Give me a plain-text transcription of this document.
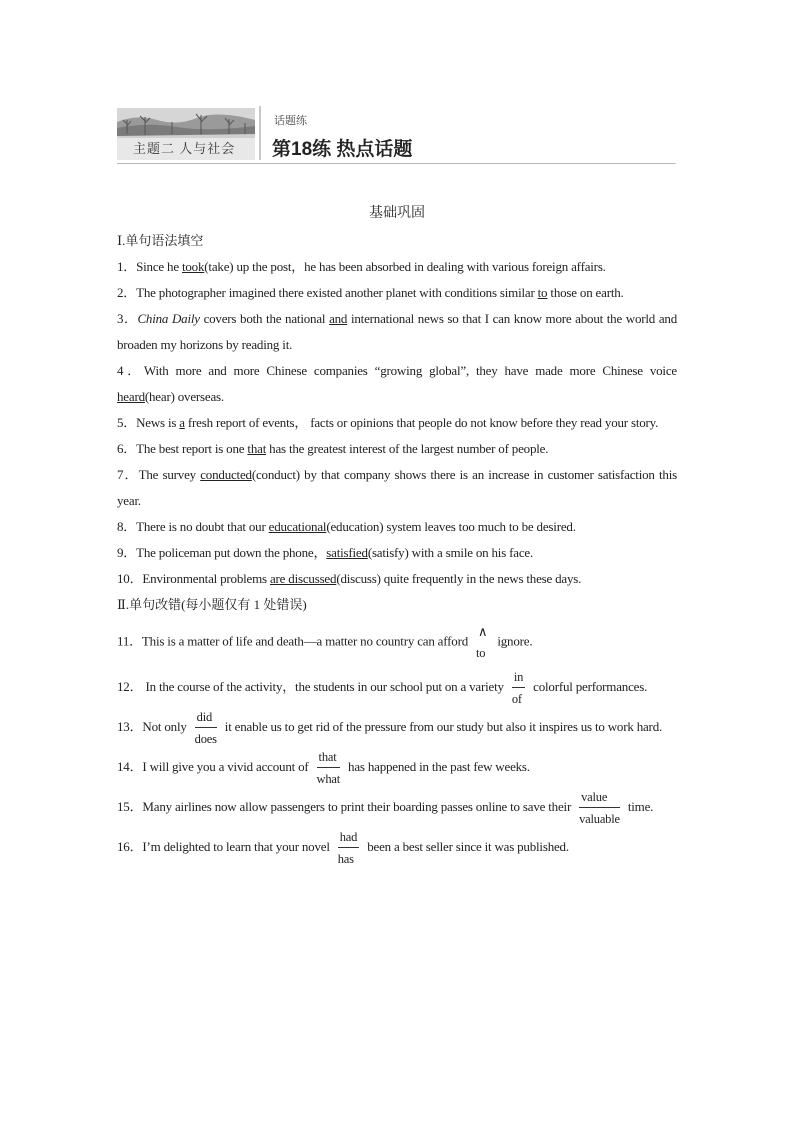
主题二 人与社会
话题练
第18练 热点话题

基础巩固

Ⅰ.单句语法填空

1．Since he took(take) up the post，he has been absorbed in dealing with various foreign affairs.

2．The photographer imagined there existed another planet with conditions similar to those on earth.

3．China Daily covers both the national and international news so that I can know more about the world and broaden my horizons by reading it.

4．With more and more Chinese companies “growing global”, they have made more Chinese voice heard(hear) overseas.

5．News is a fresh report of events， facts or opinions that people do not know before they read your story.

6．The best report is one that has the greatest interest of the largest number of people.

7．The survey conducted(conduct) by that company shows there is an increase in customer satisfaction this year.

8．There is no doubt that our educational(education) system leaves too much to be desired.

9．The policeman put down the phone，satisfied(satisfy) with a smile on his face.

10．Environmental problems are discussed(discuss) quite frequently in the news these days.

Ⅱ.单句改错(每小题仅有 1 处错误)

11．This is a matter of life and death—a matter no country can afford
∧
to
ignore.

12． In the course of the activity，the students in our school put on a variety $\frac{in}{of}$ colorful performances.

13．Not only
did
does
it enable us to get rid of the pressure from our study but also it inspires us to work hard.

14．I will give you a vivid account of
that
what
has happened in the past few weeks.

15．Many airlines now allow passengers to print their boarding passes online to save their
value
valuable
time.

16．I’m delighted to learn that your novel
had
has
been a best seller since it was published.
